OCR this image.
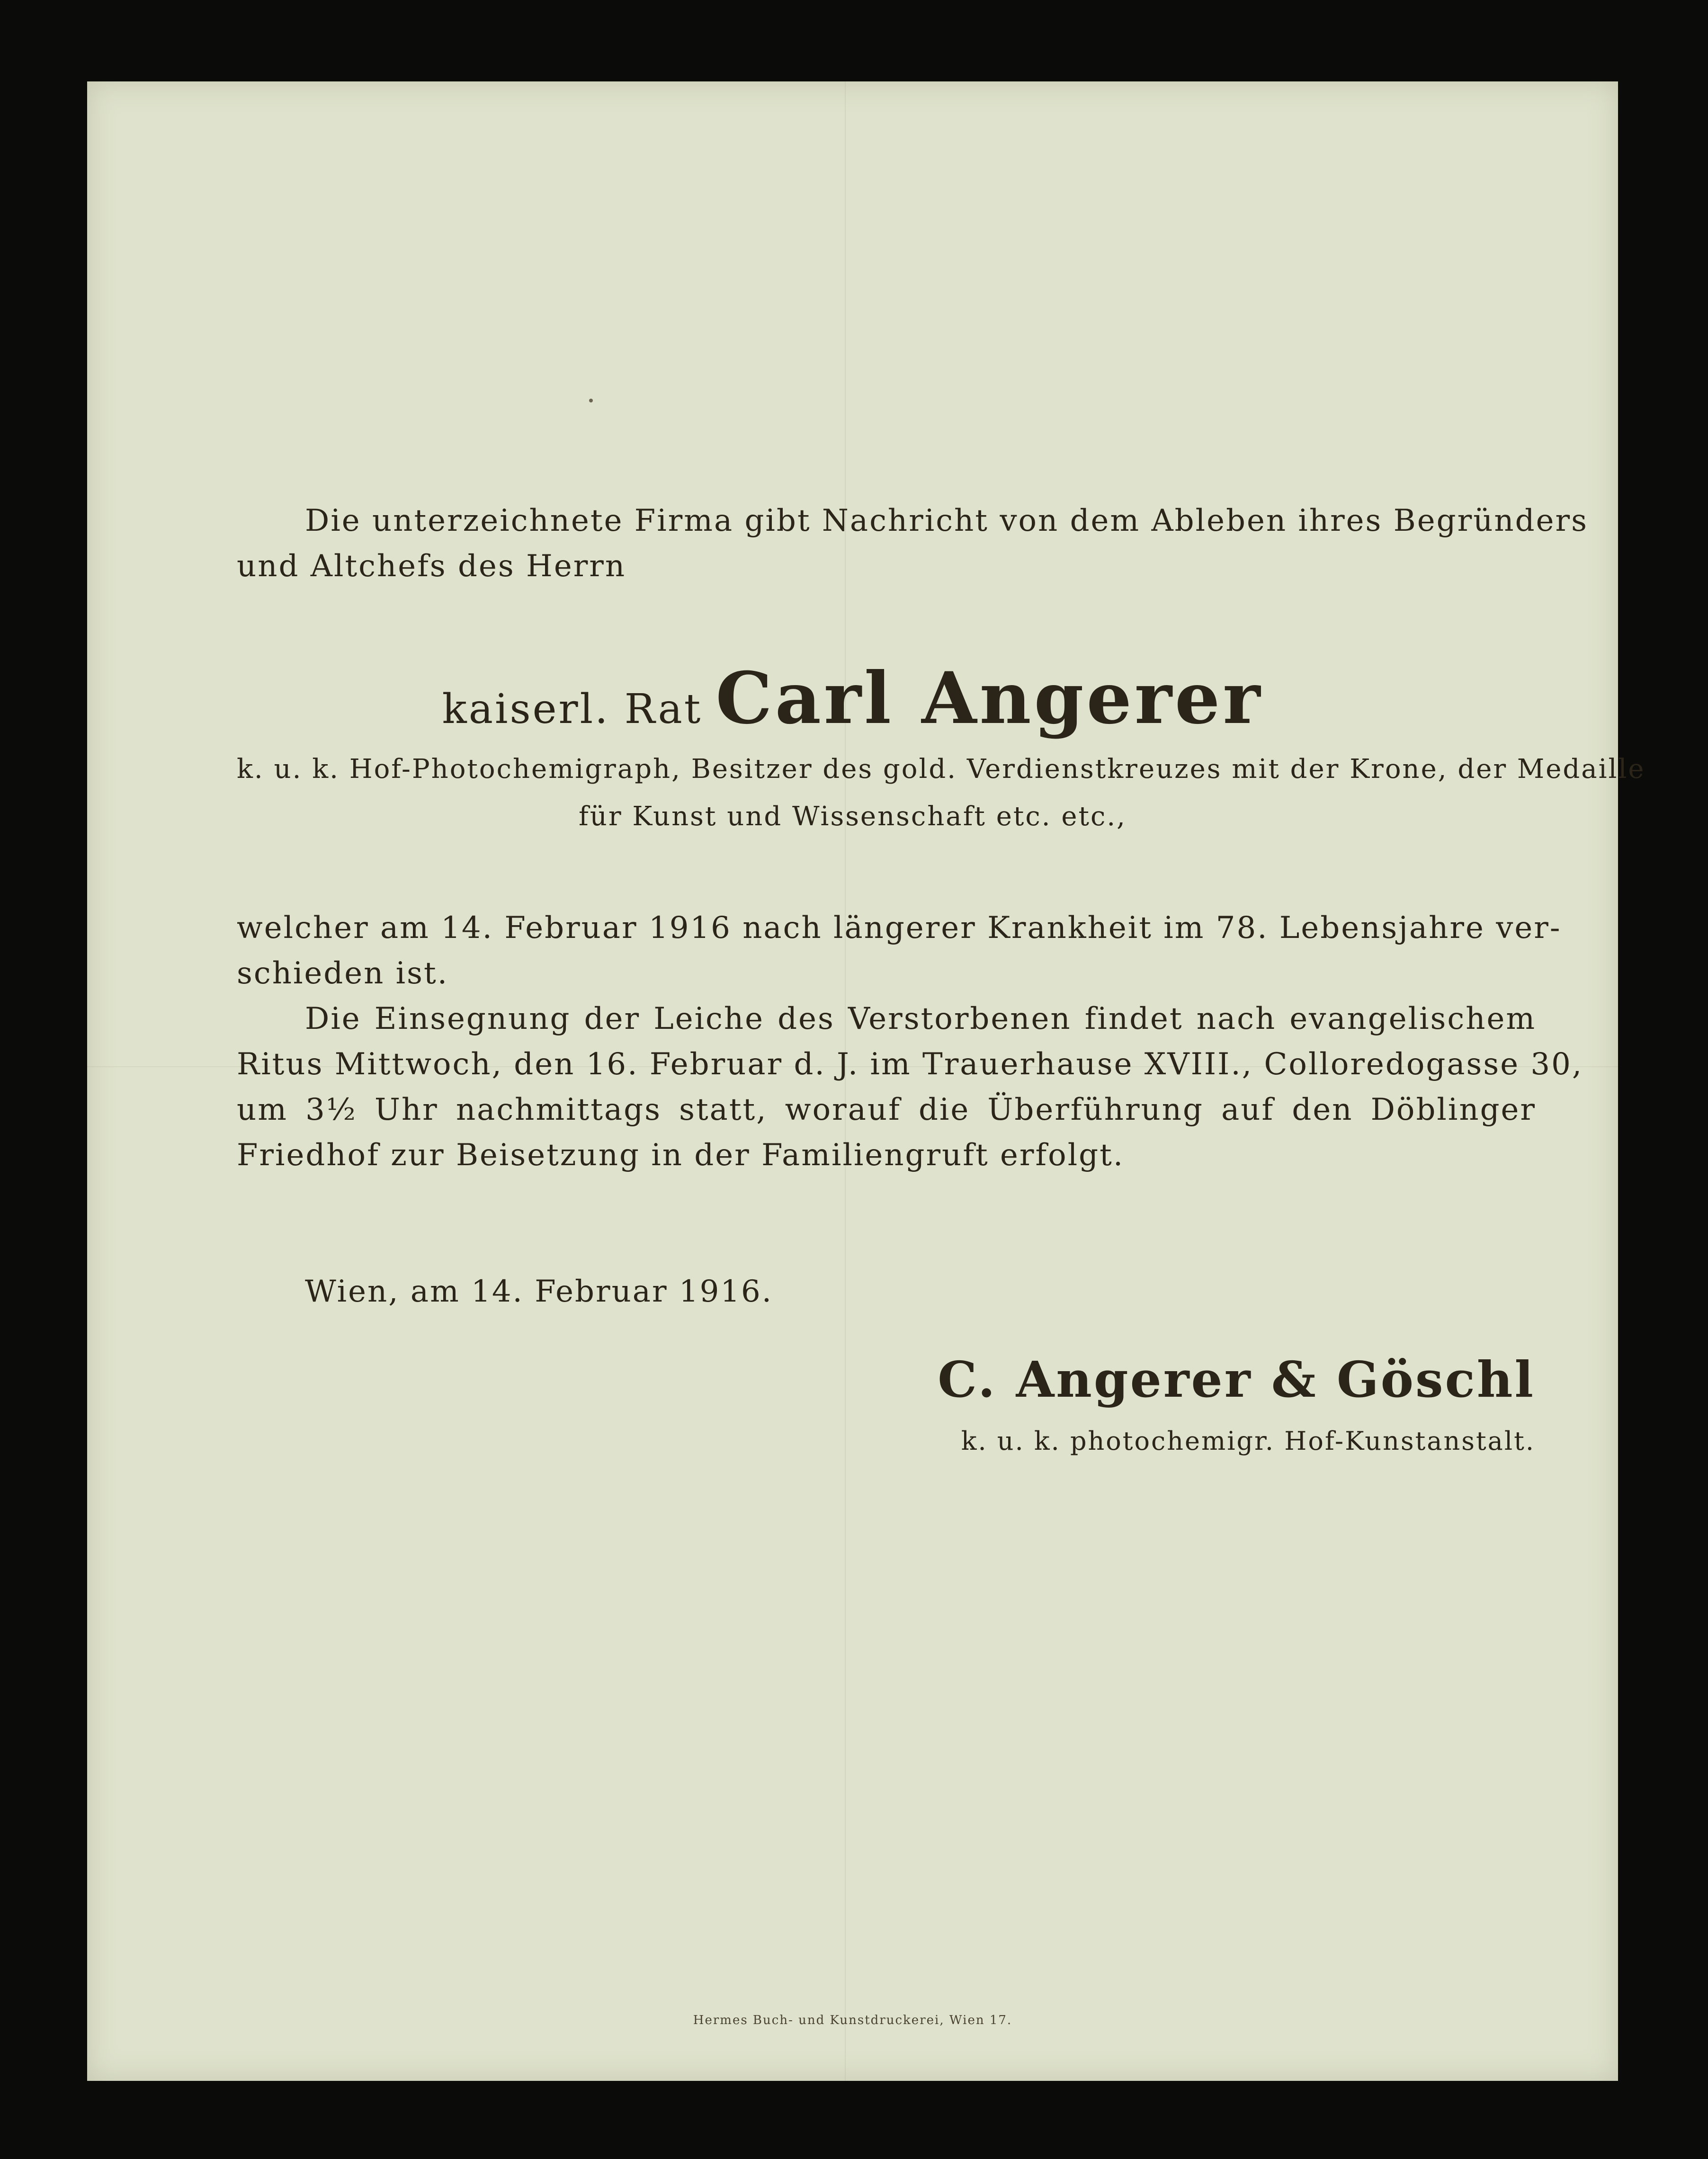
Die unterzeichnete Firma gibt Nachricht von dem Ableben ihres Begründers
und Altchefs des Herrn
kaiserl. Rat Carl Angerer
k. u. k. Hof-Photochemigraph, Besitzer des gold. Verdienstkreuzes mit der Krone, der Medaille
für Kunst und Wissenschaft etc. etc.,
welcher am 14. Februar 1916 nach längerer Krankheit im 78. Lebensjahre ver-
schieden ist.
Die Einsegnung der Leiche des Verstorbenen findet nach evangelischem
Ritus Mittwoch, den 16. Februar d. J. im Trauerhause XVIII., Colloredogasse 30,
um 3½ Uhr nachmittags statt, worauf die Überführung auf den Döblinger
Friedhof zur Beisetzung in der Familiengruft erfolgt.
Wien, am 14. Februar 1916.
C. Angerer & Göschl
k. u. k. photochemigr. Hof-Kunstanstalt.
Hermes Buch- und Kunstdruckerei, Wien 17.
